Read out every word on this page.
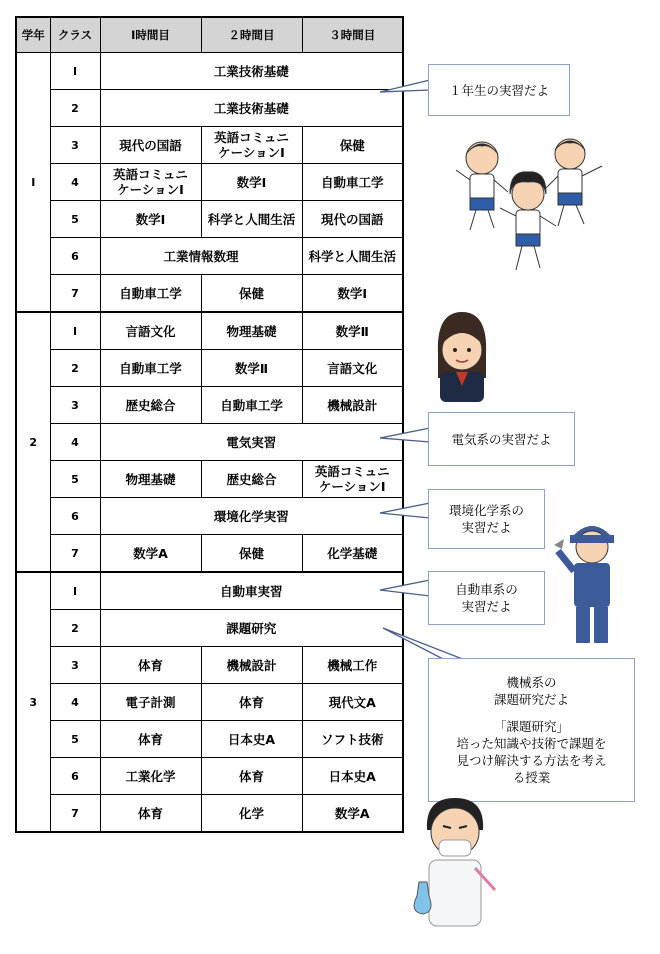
学年	クラス	Ⅰ時間目	２時間目	３時間目
Ⅰ	Ⅰ	工業技術基礎		
	2	工業技術基礎		
	3	現代の国語	英語コミュニ
ケーションⅠ	保健
	4	英語コミュニ
ケーションⅠ	数学Ⅰ	自動車工学
	5	数学Ⅰ	科学と人間生活	現代の国語
	6	工業情報数理		科学と人間生活
	7	自動車工学	保健	数学Ⅰ
2	Ⅰ	言語文化	物理基礎	数学Ⅱ
	2	自動車工学	数学Ⅱ	言語文化
	3	歴史総合	自動車工学	機械設計
	4	電気実習		
	5	物理基礎	歴史総合	英語コミュニ
ケーションⅠ
	6	環境化学実習		
	7	数学A	保健	化学基礎
3	Ⅰ	自動車実習		
	2	課題研究		
	3	体育	機械設計	機械工作
	4	電子計測	体育	現代文A
	5	体育	日本史A	ソフト技術
	6	工業化学	体育	日本史A
	7	体育	化学	数学A
１年生の実習だよ
電気系の実習だよ
環境化学系の
実習だよ
自動車系の
実習だよ
機械系の
課題研究だよ
「課題研究」
培った知識や技術で課題を
見つけ解決する方法を考え
る授業
